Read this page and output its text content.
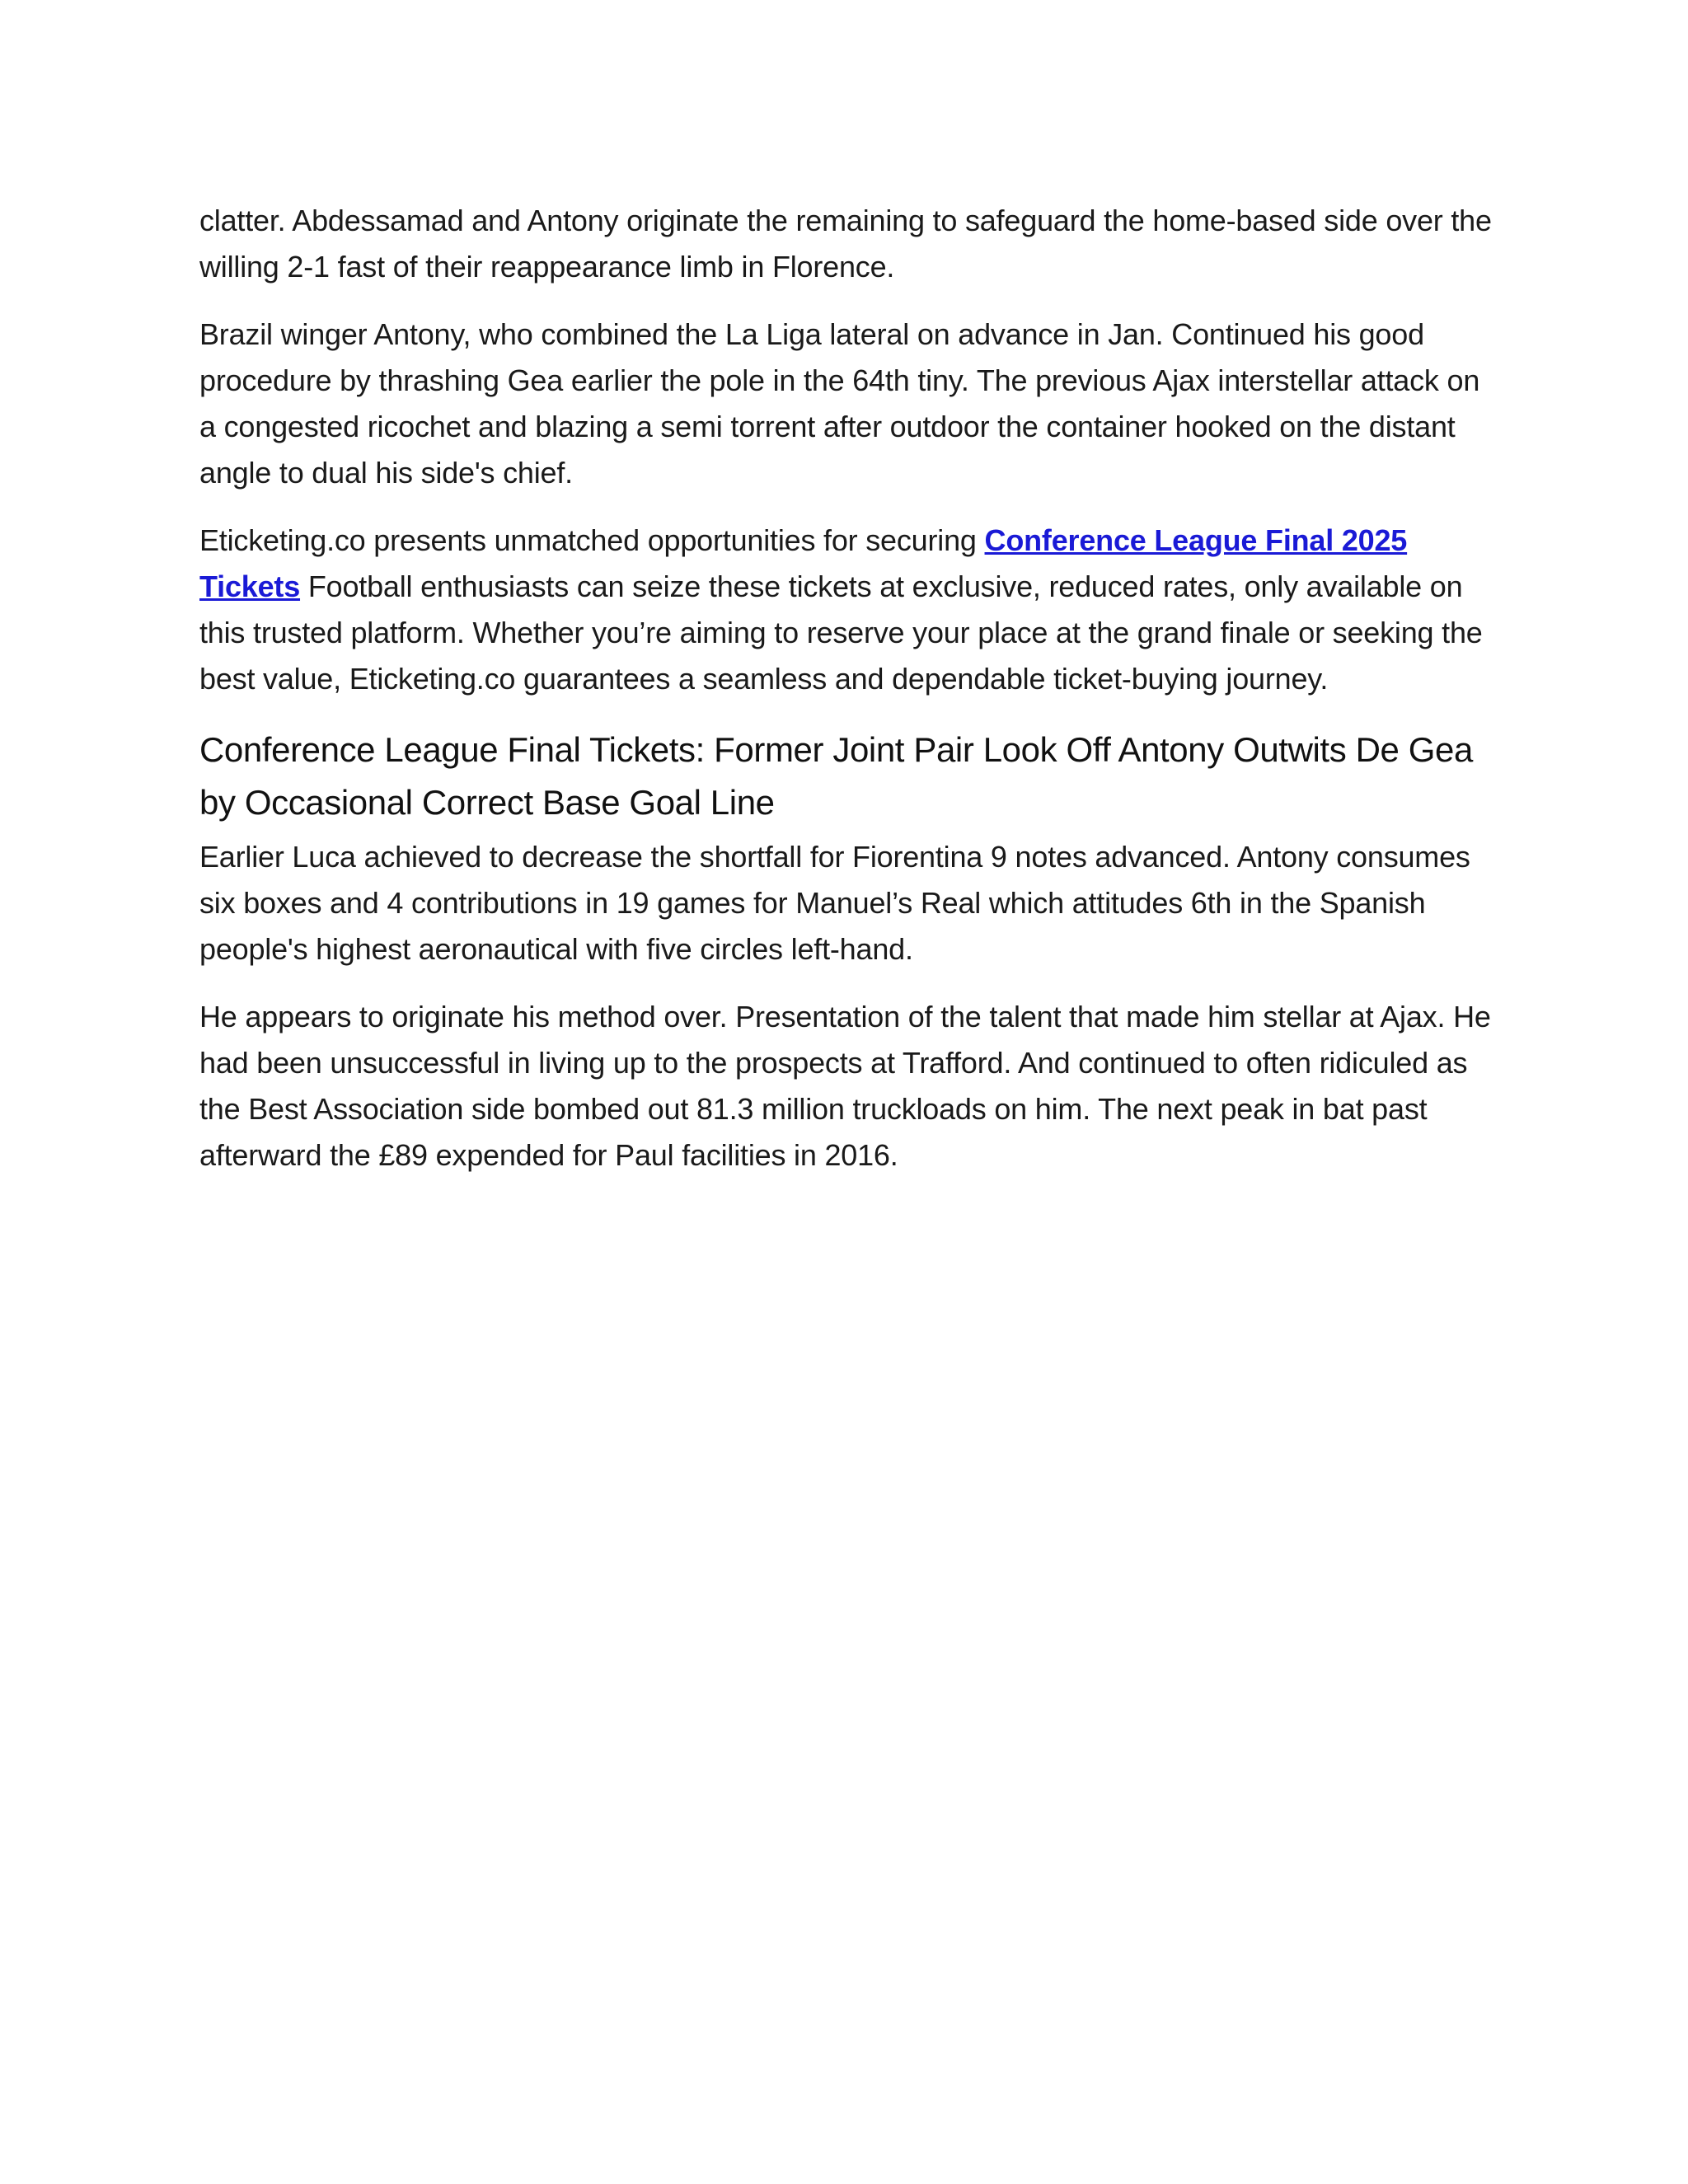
clatter. Abdessamad and Antony originate the remaining to safeguard the home-based side over the willing 2-1 fast of their reappearance limb in Florence.

Brazil winger Antony, who combined the La Liga lateral on advance in Jan. Continued his good procedure by thrashing Gea earlier the pole in the 64th tiny. The previous Ajax interstellar attack on a congested ricochet and blazing a semi torrent after outdoor the container hooked on the distant angle to dual his side's chief.

Eticketing.co presents unmatched opportunities for securing Conference League Final 2025 Tickets Football enthusiasts can seize these tickets at exclusive, reduced rates, only available on this trusted platform. Whether you’re aiming to reserve your place at the grand finale or seeking the best value, Eticketing.co guarantees a seamless and dependable ticket-buying journey.

Conference League Final Tickets: Former Joint Pair Look Off Antony Outwits De Gea by Occasional Correct Base Goal Line

Earlier Luca achieved to decrease the shortfall for Fiorentina 9 notes advanced. Antony consumes six boxes and 4 contributions in 19 games for Manuel’s Real which attitudes 6th in the Spanish people's highest aeronautical with five circles left-hand.

He appears to originate his method over. Presentation of the talent that made him stellar at Ajax. He had been unsuccessful in living up to the prospects at Trafford. And continued to often ridiculed as the Best Association side bombed out 81.3 million truckloads on him. The next peak in bat past afterward the £89 expended for Paul facilities in 2016.
